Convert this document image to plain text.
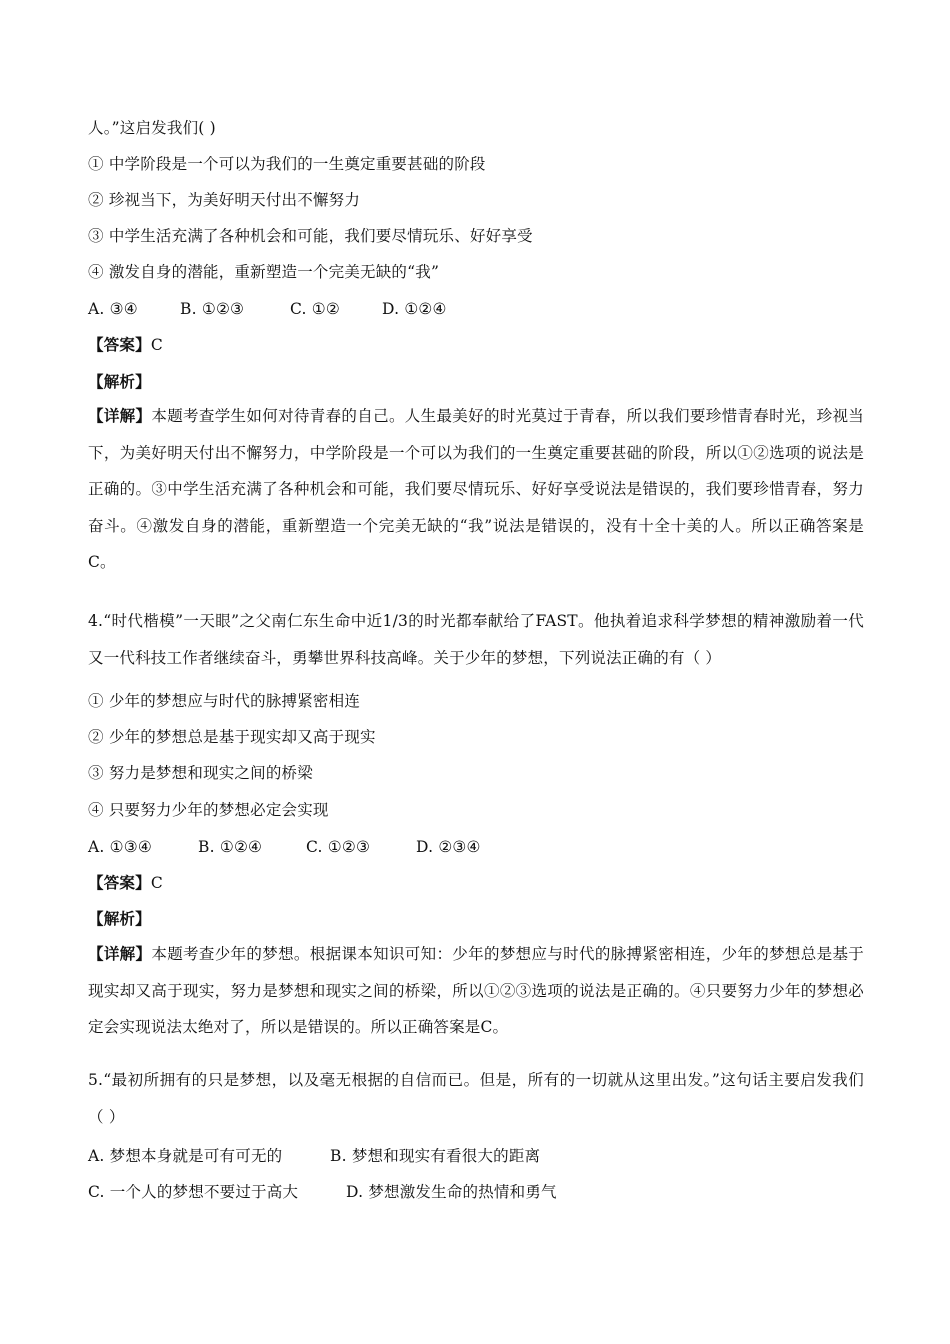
人。”这启发我们( )
① 中学阶段是一个可以为我们的一生奠定重要甚础的阶段
② 珍视当下，为美好明天付出不懈努力
③ 中学生活充满了各种机会和可能，我们要尽情玩乐、好好享受
④ 激发自身的潜能，重新塑造一个完美无缺的“我”
A. ③④	B. ①②③	C. ①②	D. ①②④
【答案】C
【解析】
【详解】本题考查学生如何对待青春的自己。人生最美好的时光莫过于青春，所以我们要珍惜青春时光，珍视当下，为美好明天付出不懈努力，中学阶段是一个可以为我们的一生奠定重要甚础的阶段，所以①②选项的说法是正确的。③中学生活充满了各种机会和可能，我们要尽情玩乐、好好享受说法是错误的，我们要珍惜青春，努力奋斗。④激发自身的潜能，重新塑造一个完美无缺的“我”说法是错误的，没有十全十美的人。所以正确答案是C。
4.“时代楷模”一天眼”之父南仁东生命中近1/3的时光都奉献给了FAST。他执着追求科学梦想的精神激励着一代又一代科技工作者继续奋斗，勇攀世界科技高峰。关于少年的梦想，下列说法正确的有（ ）
① 少年的梦想应与时代的脉搏紧密相连
② 少年的梦想总是基于现实却又高于现实
③ 努力是梦想和现实之间的桥梁
④ 只要努力少年的梦想必定会实现
A. ①③④	B. ①②④	C. ①②③	D. ②③④
【答案】C
【解析】
【详解】本题考查少年的梦想。根据课本知识可知：少年的梦想应与时代的脉搏紧密相连，少年的梦想总是基于现实却又高于现实，努力是梦想和现实之间的桥梁，所以①②③选项的说法是正确的。④只要努力少年的梦想必定会实现说法太绝对了，所以是错误的。所以正确答案是C。
5.“最初所拥有的只是梦想，以及毫无根据的自信而已。但是，所有的一切就从这里出发。”这句话主要启发我们（ ）
A. 梦想本身就是可有可无的	B. 梦想和现实有看很大的距离
C. 一个人的梦想不要过于高大	D. 梦想激发生命的热情和勇气
